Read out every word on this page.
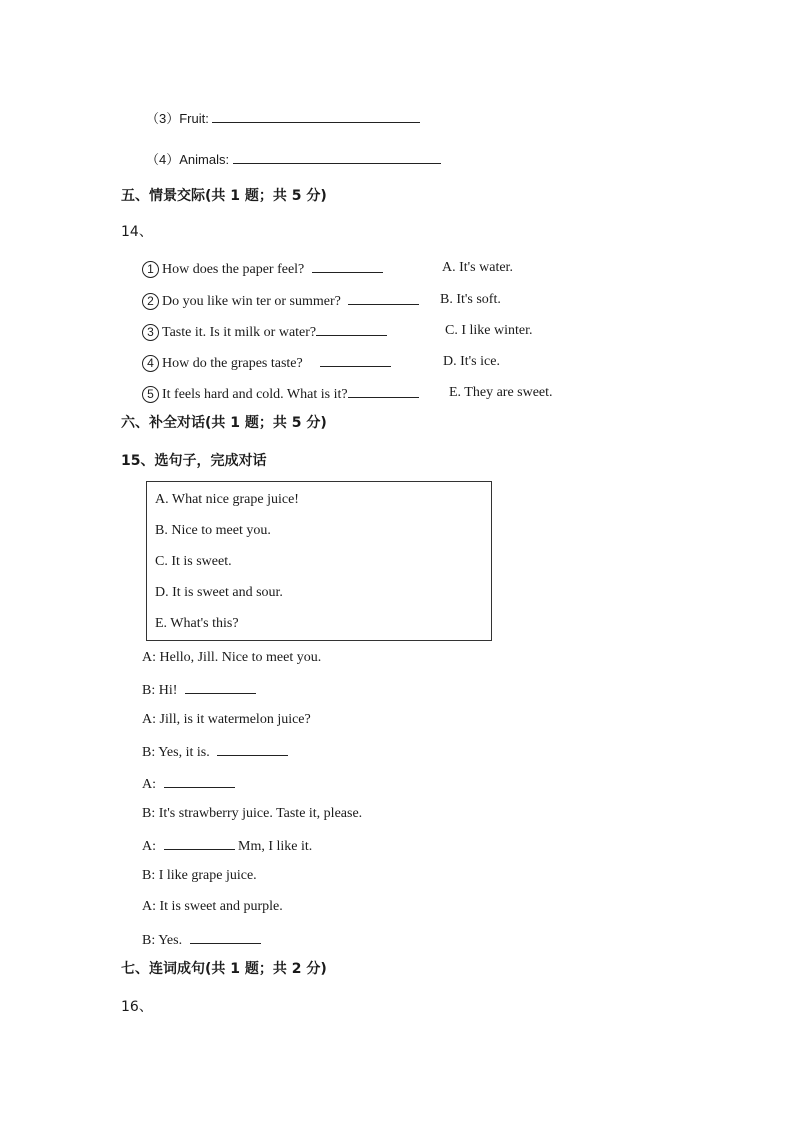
（3）Fruit:
（4）Animals:
五、情景交际(共 1 题；共 5 分)
14、
1 How does the paper feel?	A. It's water.
2 Do you like win ter or summer?	B. It's soft.
3 Taste it. Is it milk or water?	C. I like winter.
4 How do the grapes taste?	D. It's ice.
5 It feels hard and cold. What is it?	E. They are sweet.
六、补全对话(共 1 题；共 5 分)
15、选句子，完成对话
A. What nice grape juice!
B. Nice to meet you.
C. It is sweet.
D. It is sweet and sour.
E. What's this?
A: Hello, Jill. Nice to meet you.
B: Hi!
A: Jill, is it watermelon juice?
B: Yes, it is.
A:
B: It's strawberry juice. Taste it, please.
A:	Mm, I like it.
B: I like grape juice.
A: It is sweet and purple.
B: Yes.
七、连词成句(共 1 题；共 2 分)
16、
